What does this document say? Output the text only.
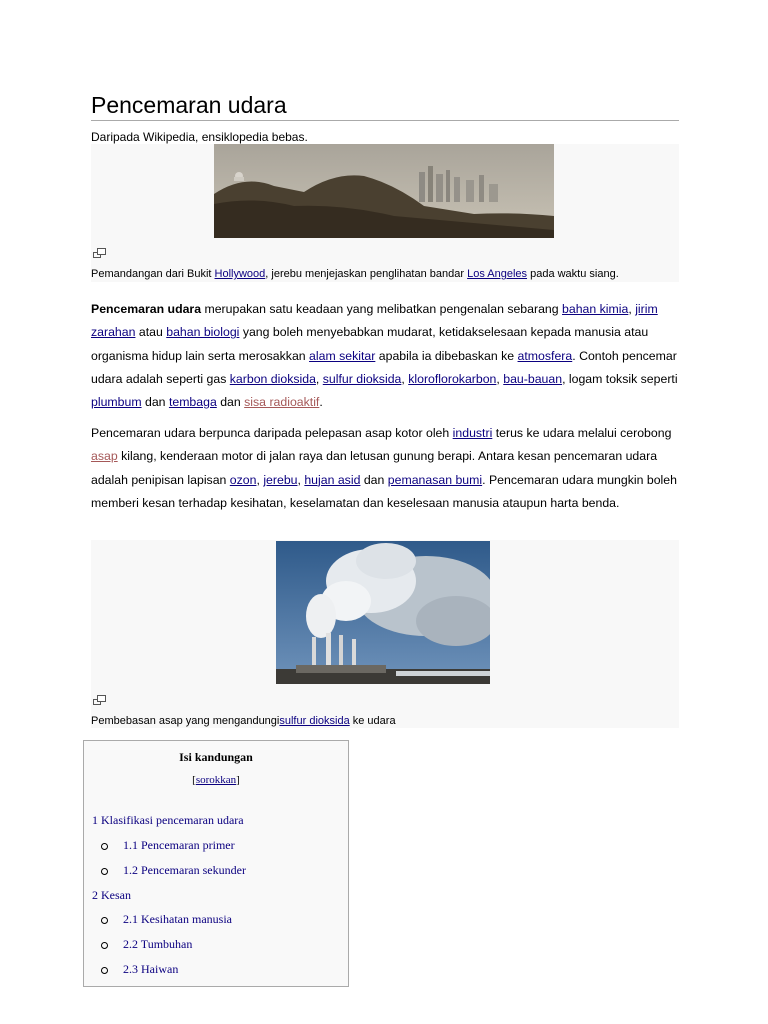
Pencemaran udara
Daripada Wikipedia, ensiklopedia bebas.
Pemandangan dari Bukit Hollywood, jerebu menjejaskan penglihatan bandar Los Angeles pada waktu siang.

Pencemaran udara merupakan satu keadaan yang melibatkan pengenalan sebarang bahan kimia, jirim zarahan atau bahan biologi yang boleh menyebabkan mudarat, ketidakselesaan kepada manusia atau organisma hidup lain serta merosakkan alam sekitar apabila ia dibebaskan ke atmosfera. Contoh pencemar udara adalah seperti gas karbon dioksida, sulfur dioksida, kloroflorokarbon, bau-bauan, logam toksik seperti plumbum dan tembaga dan sisa radioaktif.

Pencemaran udara berpunca daripada pelepasan asap kotor oleh industri terus ke udara melalui cerobong asap kilang, kenderaan motor di jalan raya dan letusan gunung berapi. Antara kesan pencemaran udara adalah penipisan lapisan ozon, jerebu, hujan asid dan pemanasan bumi. Pencemaran udara mungkin boleh memberi kesan terhadap kesihatan, keselamatan dan keselesaan manusia ataupun harta benda.

Pembebasan asap yang mengandungisulfur dioksida ke udara
Isi kandungan
[sorokkan]
1 Klasifikasi pencemaran udara
1.1 Pencemaran primer
1.2 Pencemaran sekunder
2 Kesan
2.1 Kesihatan manusia
2.2 Tumbuhan
2.3 Haiwan
